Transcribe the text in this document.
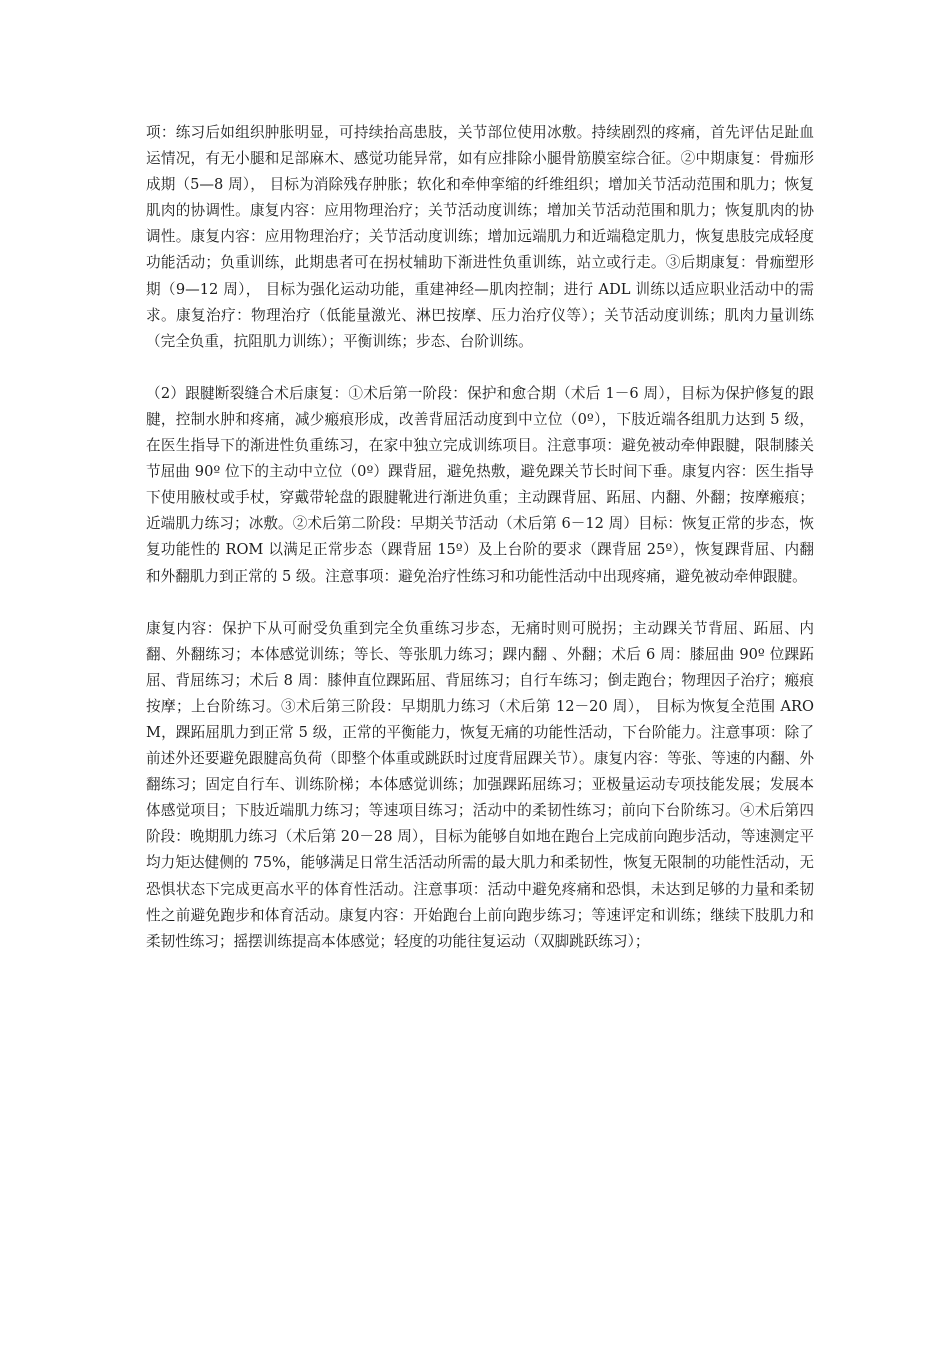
项：练习后如组织肿胀明显，可持续抬高患肢，关节部位使用冰敷。持续剧烈的疼痛，首先评估足趾血运情况，有无小腿和足部麻木、感觉功能异常，如有应排除小腿骨筋膜室综合征。②中期康复：骨痂形成期（5—8 周）， 目标为消除残存肿胀；软化和牵伸挛缩的纤维组织；增加关节活动范围和肌力；恢复肌肉的协调性。康复内容：应用物理治疗；关节活动度训练；增加关节活动范围和肌力；恢复肌肉的协调性。康复内容：应用物理治疗；关节活动度训练；增加远端肌力和近端稳定肌力，恢复患肢完成轻度功能活动；负重训练，此期患者可在拐杖辅助下渐进性负重训练，站立或行走。③后期康复：骨痂塑形期（9—12 周）， 目标为强化运动功能，重建神经—肌肉控制；进行 ADL 训练以适应职业活动中的需求。康复治疗：物理治疗（低能量激光、淋巴按摩、压力治疗仪等）；关节活动度训练；肌肉力量训练（完全负重，抗阻肌力训练）；平衡训练；步态、台阶训练。

（2）跟腱断裂缝合术后康复：①术后第一阶段：保护和愈合期（术后 1－6 周），目标为保护修复的跟腱，控制水肿和疼痛，减少瘢痕形成，改善背屈活动度到中立位（0º），下肢近端各组肌力达到 5 级，在医生指导下的渐进性负重练习，在家中独立完成训练项目。注意事项：避免被动牵伸跟腱，限制膝关节屈曲 90º 位下的主动中立位（0º）踝背屈，避免热敷，避免踝关节长时间下垂。康复内容：医生指导下使用腋杖或手杖，穿戴带轮盘的跟腱靴进行渐进负重；主动踝背屈、跖屈、内翻、外翻；按摩瘢痕；近端肌力练习；冰敷。②术后第二阶段：早期关节活动（术后第 6－12 周）目标：恢复正常的步态，恢复功能性的 ROM 以满足正常步态（踝背屈 15º）及上台阶的要求（踝背屈 25º），恢复踝背屈、内翻和外翻肌力到正常的 5 级。注意事项：避免治疗性练习和功能性活动中出现疼痛，避免被动牵伸跟腱。

康复内容：保护下从可耐受负重到完全负重练习步态，无痛时则可脱拐；主动踝关节背屈、跖屈、内翻、外翻练习；本体感觉训练；等长、等张肌力练习；踝内翻 、外翻；术后 6 周：膝屈曲 90º 位踝跖屈、背屈练习；术后 8 周：膝伸直位踝跖屈、背屈练习；自行车练习；倒走跑台；物理因子治疗；瘢痕按摩；上台阶练习。③术后第三阶段：早期肌力练习（术后第 12－20 周）， 目标为恢复全范围 AROM，踝跖屈肌力到正常 5 级，正常的平衡能力，恢复无痛的功能性活动，下台阶能力。注意事项：除了前述外还要避免跟腱高负荷（即整个体重或跳跃时过度背屈踝关节）。康复内容：等张、等速的内翻、外翻练习；固定自行车、训练阶梯；本体感觉训练；加强踝跖屈练习；亚极量运动专项技能发展；发展本体感觉项目；下肢近端肌力练习；等速项目练习；活动中的柔韧性练习；前向下台阶练习。④术后第四阶段：晚期肌力练习（术后第 20－28 周），目标为能够自如地在跑台上完成前向跑步活动，等速测定平均力矩达健侧的 75%，能够满足日常生活活动所需的最大肌力和柔韧性，恢复无限制的功能性活动，无恐惧状态下完成更高水平的体育性活动。注意事项：活动中避免疼痛和恐惧，未达到足够的力量和柔韧性之前避免跑步和体育活动。康复内容：开始跑台上前向跑步练习；等速评定和训练；继续下肢肌力和柔韧性练习；摇摆训练提高本体感觉；轻度的功能往复运动（双脚跳跃练习）；
